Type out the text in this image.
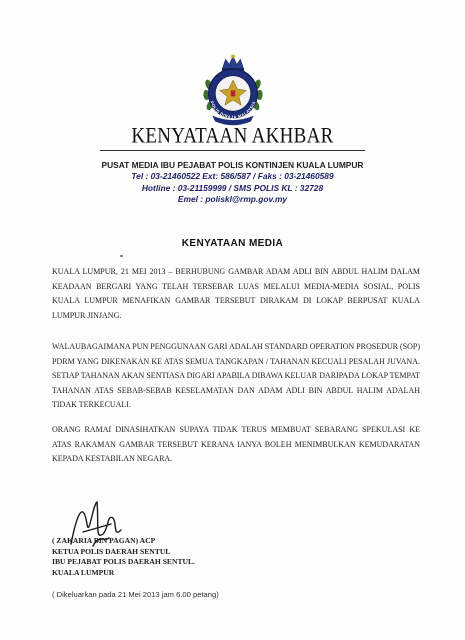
POLIS DIRAJA MALAYSIA
KENYATAAN AKHBAR
PUSAT MEDIA IBU PEJABAT POLIS KONTINJEN KUALA LUMPUR
Tel : 03-21460522 Ext: 586/587 / Faks : 03-21460589
Hotline : 03-21159999 / SMS POLIS KL : 32728
Emel : poliskl@rmp.gov.my
KENYATAAN MEDIA
KUALA LUMPUR, 21 MEI 2013 – BERHUBUNG GAMBAR ADAM ADLI BIN ABDUL HALIM DALAM KEADAAN BERGARI YANG TELAH TERSEBAR LUAS MELALUI MEDIA-MEDIA SOSIAL, POLIS KUALA LUMPUR MENAFIKAN GAMBAR TERSEBUT DIRAKAM DI LOKAP BERPUSAT KUALA LUMPUR JINJANG.
WALAUBAGAIMANA PUN PENGGUNAAN GARI ADALAH STANDARD OPERATION PROSEDUR (SOP) PDRM YANG DIKENAKAN KE ATAS SEMUA TANGKAPAN / TAHANAN KECUALI PESALAH JUVANA. SETIAP TAHANAN AKAN SENTIASA DIGARI APABILA DIBAWA KELUAR DARIPADA LOKAP TEMPAT TAHANAN ATAS SEBAB-SEBAB KESELAMATAN DAN ADAM ADLI BIN ABDUL HALIM ADALAH TIDAK TERKECUALI.
ORANG RAMAI DINASIHATKAN SUPAYA TIDAK TERUS MEMBUAT SEBARANG SPEKULASI KE ATAS RAKAMAN GAMBAR TERSEBUT KERANA IANYA BOLEH MENIMBULKAN KEMUDARATAN KEPADA KESTABILAN NEGARA.
( ZAKARIA BIN PAGAN) ACP
KETUA POLIS DAERAH SENTUL
IBU PEJABAT POLIS DAERAH SENTUL.
KUALA LUMPUR
( Dikeluarkan pada 21 Mei 2013 jam 6.00 petang)
